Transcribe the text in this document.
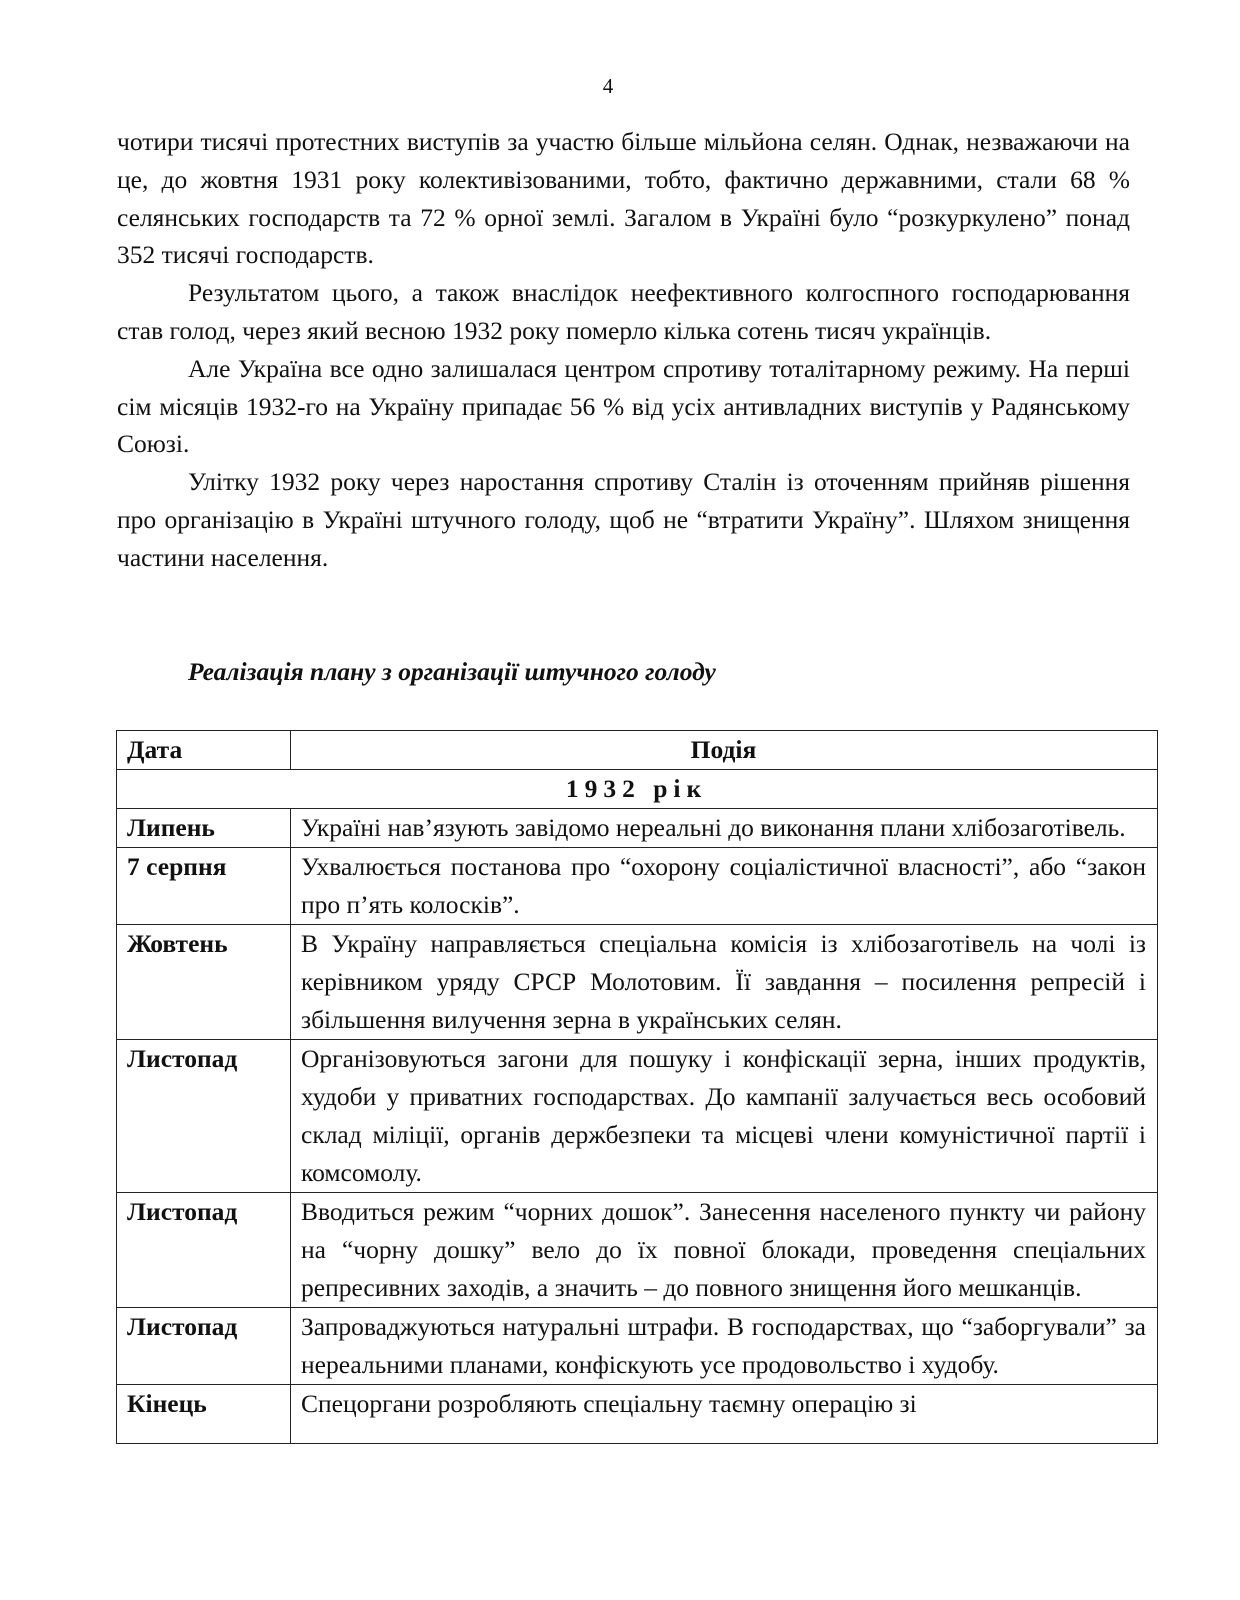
4

чотири тисячі протестних виступів за участю більше мільйона селян. Однак, незважаючи на це, до жовтня 1931 року колективізованими, тобто, фактично державними, стали 68 % селянських господарств та 72 % орної землі. Загалом в Україні було “розкуркулено” понад 352 тисячі господарств.

Результатом цього, а також внаслідок неефективного колгоспного господарювання став голод, через який весною 1932 року померло кілька сотень тисяч українців.

Але Україна все одно залишалася центром спротиву тоталітарному режиму. На перші сім місяців 1932-го на Україну припадає 56 % від усіх антивладних виступів у Радянському Союзі.

Улітку 1932 року через наростання спротиву Сталін із оточенням прийняв рішення про організацію в Україні штучного голоду, щоб не “втратити Україну”. Шляхом знищення частини населення.

Реалізація плану з організації штучного голоду
Дата	Подія
1932 рік	
Липень	Україні нав’язують завідомо нереальні до виконання плани хлібозаготівель.
7 серпня	Ухвалюється постанова про “охорону соціалістичної власності”, або “закон про п’ять колосків”.
Жовтень	В Україну направляється спеціальна комісія із хлібозаготівель на чолі із керівником уряду СРСР Молотовим. Її завдання – посилення репресій і збільшення вилучення зерна в українських селян.
Листопад	Організовуються загони для пошуку і конфіскації зерна, інших продуктів, худоби у приватних господарствах. До кампанії залучається весь особовий склад міліції, органів держбезпеки та місцеві члени комуністичної партії і комсомолу.
Листопад	Вводиться режим “чорних дошок”. Занесення населеного пункту чи району на “чорну дошку” вело до їх повної блокади, проведення спеціальних репресивних заходів, а значить – до повного знищення його мешканців.
Листопад	Запроваджуються натуральні штрафи. В господарствах, що “заборгували” за нереальними планами, конфіскують усе продовольство і худобу.
Кінець	Спецоргани розробляють спеціальну таємну операцію зі
